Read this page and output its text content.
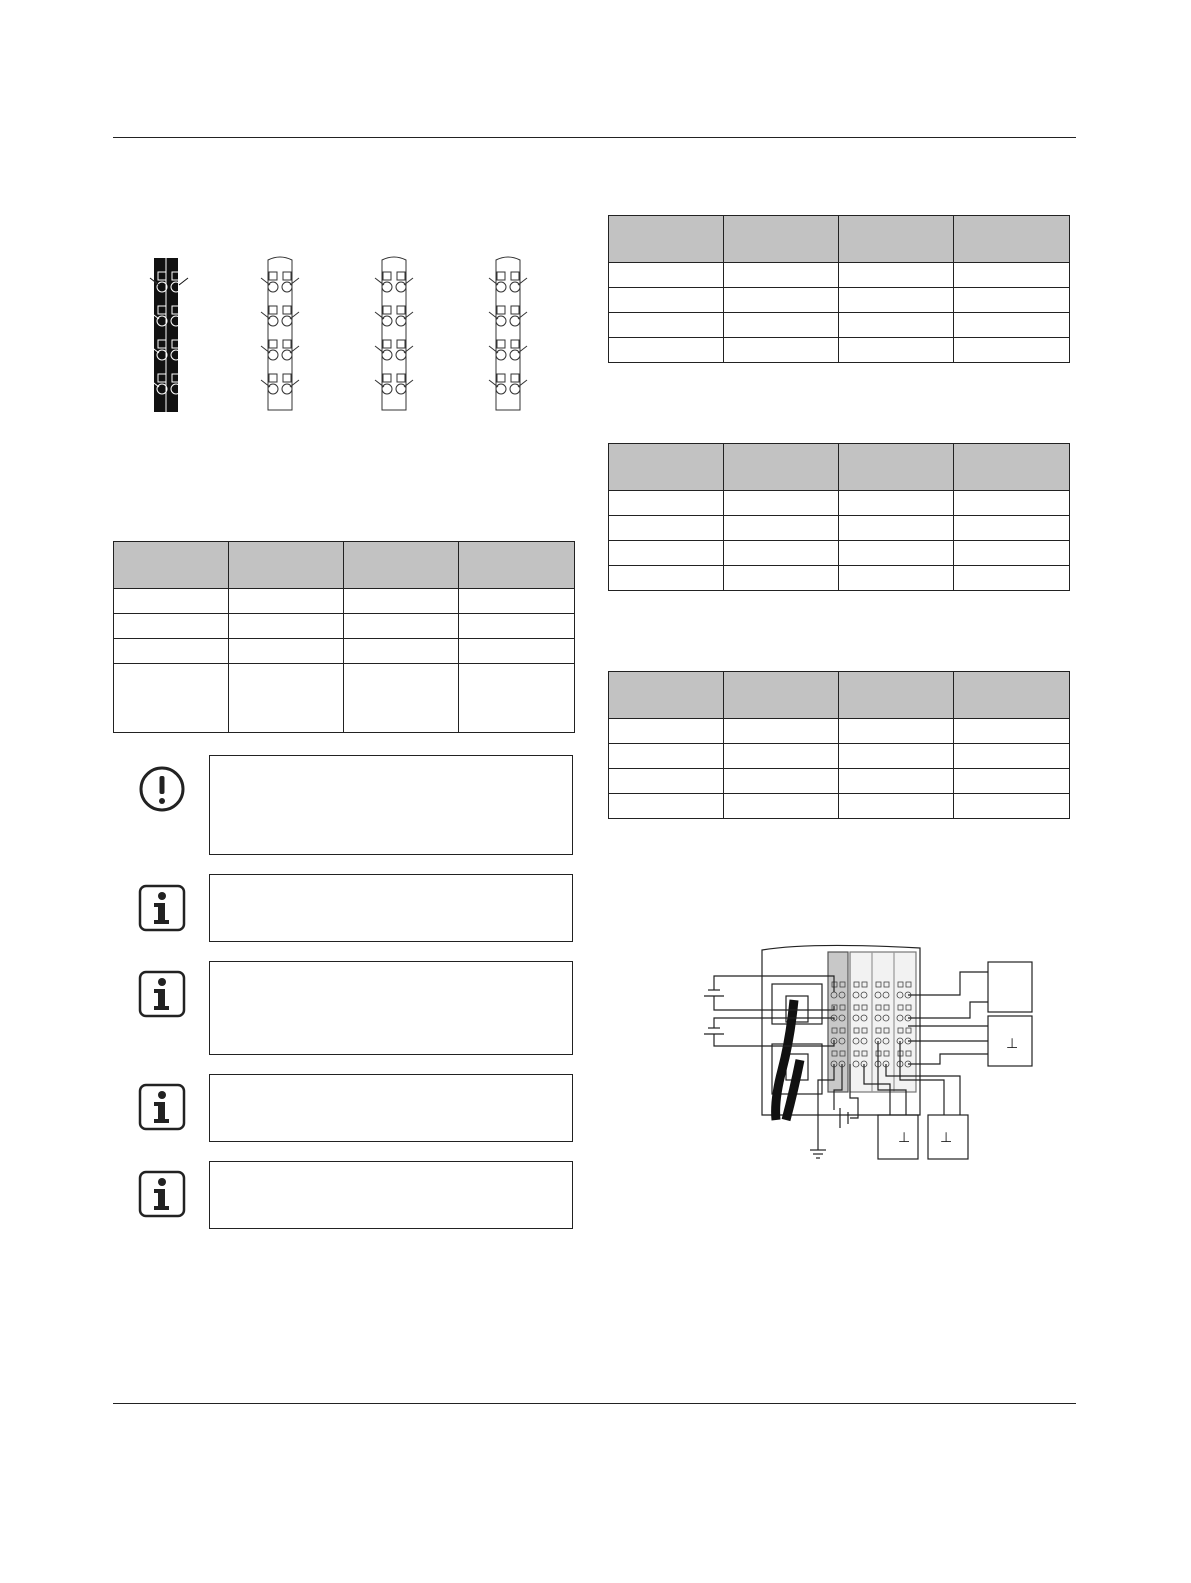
⊥
⊥ ⊥
